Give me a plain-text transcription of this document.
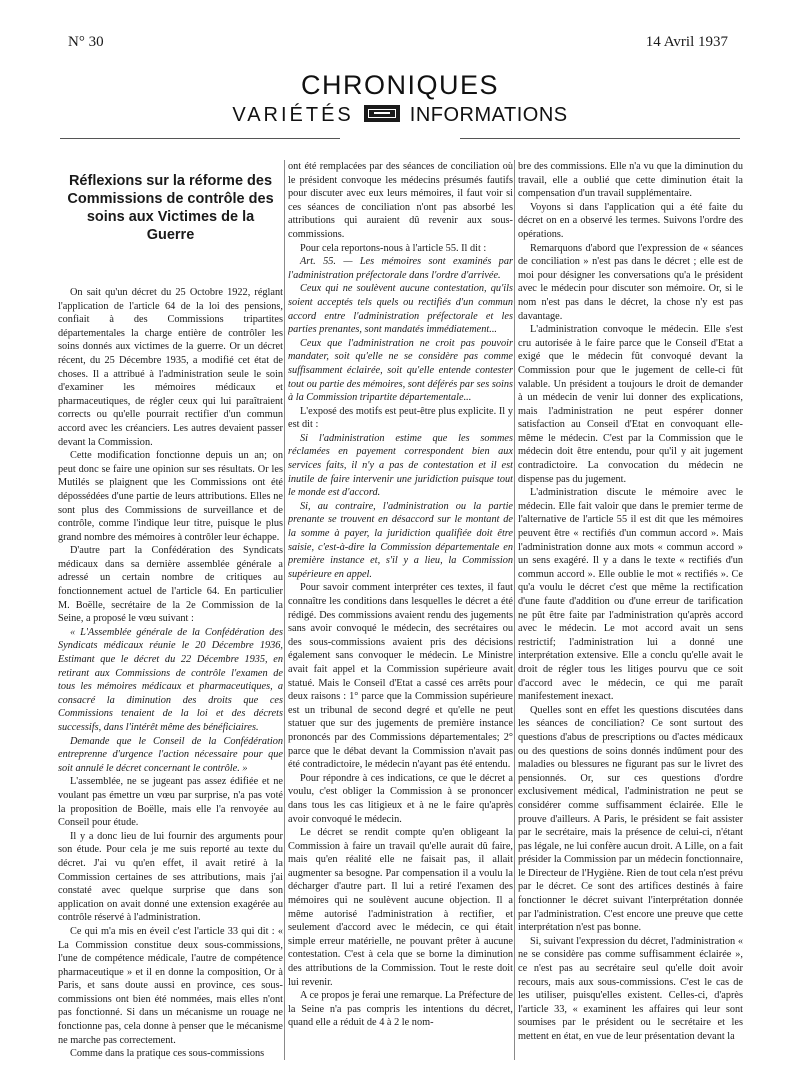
N° 30	14 Avril 1937
CHRONIQUES
VARIÉTÉS	INFORMATIONS
Réflexions sur la réforme des Commissions de contrôle des soins aux Victimes de la Guerre

On sait qu'un décret du 25 Octobre 1922, réglant l'application de l'article 64 de la loi des pensions, confiait à des Commissions tripartites départementales la charge entière de contrôler les soins donnés aux victimes de la guerre. Or un décret récent, du 25 Décembre 1935, a modifié cet état de choses. Il a attribué à l'administration seule le soin d'examiner les mémoires médicaux et pharmaceutiques, de régler ceux qui lui paraîtraient corrects ou qu'elle pourrait rectifier d'un commun accord avec les créanciers. Les autres devaient passer devant la Commission.

Cette modification fonctionne depuis un an; on peut donc se faire une opinion sur ses résultats. Or les Mutilés se plaignent que les Commissions ont été dépossédées d'une partie de leurs attributions. Elles ne sont plus des Commissions de surveillance et de contrôle, comme l'indique leur titre, puisque le plus grand nombre des mémoires à contrôler leur échappe.

D'autre part la Confédération des Syndicats médicaux dans sa dernière assemblée générale a adressé un certain nombre de critiques au fonctionnement actuel de l'article 64. En particulier M. Boëlle, secrétaire de la 2e Commission de la Seine, a proposé le vœu suivant :

« L'Assemblée générale de la Confédération des Syndicats médicaux réunie le 20 Décembre 1936, Estimant que le décret du 22 Décembre 1935, en retirant aux Commissions de contrôle l'examen de tous les mémoires médicaux et pharmaceutiques, a consacré la diminution des droits que ces Commissions tenaient de la loi et des décrets successifs, dans l'intérêt même des bénéficiaires.

Demande que le Conseil de la Confédération entreprenne d'urgence l'action nécessaire pour que soit annulé le décret concernant le contrôle. »

L'assemblée, ne se jugeant pas assez édifiée et ne voulant pas émettre un vœu par surprise, n'a pas voté la proposition de Boëlle, mais elle l'a renvoyée au Conseil pour étude.

Il y a donc lieu de lui fournir des arguments pour son étude. Pour cela je me suis reporté au texte du décret. J'ai vu qu'en effet, il avait retiré à la Commission certaines de ses attributions, mais j'ai constaté avec quelque surprise que dans son application on avait donné une extension exagérée au contrôle réservé à l'administration.

Ce qui m'a mis en éveil c'est l'article 33 qui dit : « La Commission constitue deux sous-commissions, l'une de compétence médicale, l'autre de compétence pharmaceutique » et il en donne la composition, Or à Paris, et sans doute aussi en province, ces sous-commissions ont bien été nommées, mais elles n'ont pas fonctionné. Si dans un mécanisme un rouage ne fonctionne pas, cela donne à penser que le mécanisme ne marche pas correctement.

Comme dans la pratique ces sous-commissions

ont été remplacées par des séances de conciliation où le président convoque les médecins présumés fautifs pour discuter avec eux leurs mémoires, il faut voir si ces séances de conciliation n'ont pas absorbé les attributions qui auraient dû revenir aux sous-commissions.

Pour cela reportons-nous à l'article 55. Il dit :

Art. 55. — Les mémoires sont examinés par l'administration préfectorale dans l'ordre d'arrivée.

Ceux qui ne soulèvent aucune contestation, qu'ils soient acceptés tels quels ou rectifiés d'un commun accord entre l'administration préfectorale et les parties prenantes, sont mandatés immédiatement...

Ceux que l'administration ne croit pas pouvoir mandater, soit qu'elle ne se considère pas comme suffisamment éclairée, soit qu'elle entende contester tout ou partie des mémoires, sont déférés par ses soins à la Commission tripartite départementale...

L'exposé des motifs est peut-être plus explicite. Il y est dit :

Si l'administration estime que les sommes réclamées en payement correspondent bien aux services faits, il n'y a pas de contestation et il est inutile de faire intervenir une juridiction puisque tout le monde est d'accord.

Si, au contraire, l'administration ou la partie prenante se trouvent en désaccord sur le montant de la somme à payer, la juridiction qualifiée doit être saisie, c'est-à-dire la Commission départementale en première instance et, s'il y a lieu, la Commission supérieure en appel.

Pour savoir comment interpréter ces textes, il faut connaître les conditions dans lesquelles le décret a été rédigé. Des commissions avaient rendu des jugements sans avoir convoqué le médecin, des secrétaires ou des sous-commissions avaient pris des décisions également sans convoquer le médecin. Le Ministre avait fait appel et la Commission supérieure avait statué. Mais le Conseil d'Etat a cassé ces arrêts pour deux raisons : 1° parce que la Commission supérieure est un tribunal de second degré et qu'elle ne peut statuer que sur des jugements de première instance prononcés par des Commissions départementales; 2° parce que le débat devant la Commission n'avait pas été contradictoire, le médecin n'ayant pas été entendu.

Pour répondre à ces indications, ce que le décret a voulu, c'est obliger la Commission à se prononcer dans tous les cas litigieux et à ne le faire qu'après avoir convoqué le médecin.

Le décret se rendit compte qu'en obligeant la Commission à faire un travail qu'elle aurait dû faire, mais qu'en réalité elle ne faisait pas, il allait augmenter sa besogne. Par compensation il a voulu la décharger d'autre part. Il lui a retiré l'examen des mémoires qui ne soulèvent aucune objection. Il a même autorisé l'administration à rectifier, et seulement d'accord avec le médecin, ce qui était simple erreur matérielle, ne pouvant prêter à aucune contestation. C'est à cela que se borne la diminution des attributions de la Commission. Tout le reste doit lui revenir.

A ce propos je ferai une remarque. La Préfecture de la Seine n'a pas compris les intentions du décret, quand elle a réduit de 4 à 2 le nom-

bre des commissions. Elle n'a vu que la diminution du travail, elle a oublié que cette diminution était la compensation d'un travail supplémentaire.

Voyons si dans l'application qui a été faite du décret on en a observé les termes. Suivons l'ordre des opérations.

Remarquons d'abord que l'expression de « séances de conciliation » n'est pas dans le décret ; elle est de moi pour désigner les conversations qu'a le président avec le médecin pour discuter son mémoire. Or, si le nom n'est pas dans le décret, la chose n'y est pas davantage.

L'administration convoque le médecin. Elle s'est cru autorisée à le faire parce que le Conseil d'Etat a exigé que le médecin fût convoqué devant la Commission pour que le jugement de celle-ci fût valable. Un président a toujours le droit de demander à un médecin de venir lui donner des explications, mais l'administration ne peut espérer donner satisfaction au Conseil d'Etat en convoquant elle-même le médecin. C'est par la Commission que le médecin doit être entendu, pour qu'il y ait jugement contradictoire. La convocation du médecin ne dispense pas du jugement.

L'administration discute le mémoire avec le médecin. Elle fait valoir que dans le premier terme de l'alternative de l'article 55 il est dit que les mémoires peuvent être « rectifiés d'un commun accord ». Mais l'administration donne aux mots « commun accord » un sens exagéré. Il y a dans le texte « rectifiés d'un commun accord ». Elle oublie le mot « rectifiés ». Ce qu'a voulu le décret c'est que même la rectification d'une faute d'addition ou d'une erreur de tarification ne pût être faite par l'administration qu'après accord avec le médecin. Le mot accord avait un sens restrictif; l'administration lui a donné une interprétation extensive. Elle a conclu qu'elle avait le droit de régler tous les litiges pourvu que ce soit d'accord avec le médecin, ce qui me paraît manifestement inexact.

Quelles sont en effet les questions discutées dans les séances de conciliation? Ce sont surtout des questions d'abus de prescriptions ou d'actes médicaux ou des questions de soins donnés indûment pour des maladies ou blessures ne figurant pas sur le livret des pensionnés. Or, sur ces questions d'ordre exclusivement médical, l'administration ne peut se considérer comme suffisamment éclairée. Elle le prouve d'ailleurs. A Paris, le président se fait assister par le secrétaire, mais la présence de celui-ci, n'étant pas légale, ne lui confère aucun droit. A Lille, on a fait présider la Commission par un médecin fonctionnaire, le Directeur de l'Hygiène. Rien de tout cela n'est prévu par le décret. Ce sont des artifices destinés à faire fonctionner le décret suivant l'interprétation donnée par l'administration. C'est encore une preuve que cette interprétation n'est pas bonne.

Si, suivant l'expression du décret, l'administration « ne se considère pas comme suffisamment éclairée », ce n'est pas au secrétaire seul qu'elle doit avoir recours, mais aux sous-commissions. C'est le cas de les utiliser, puisqu'elles existent. Celles-ci, d'après l'article 33, « examinent les affaires qui leur sont soumises par le président ou le secrétaire et les mettent en état, en vue de leur présentation devant la
